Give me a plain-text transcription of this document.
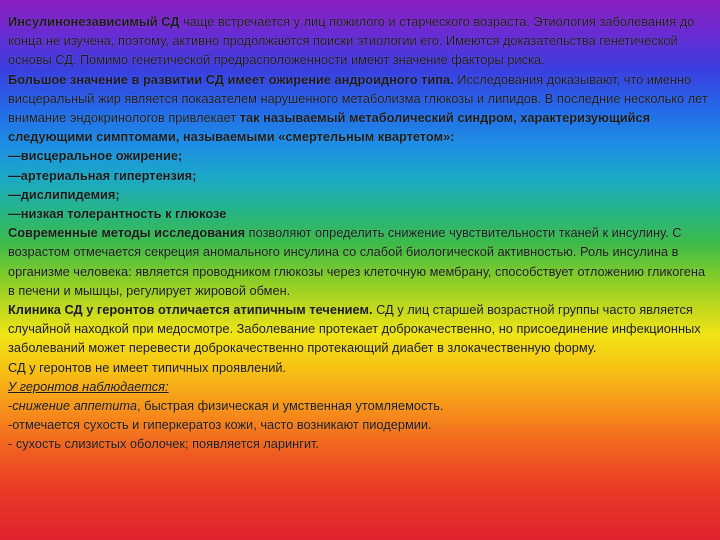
Инсулинонезависимый СД чаще встречается у лиц пожилого и старческого возраста. Этиология заболевания до конца не изучена, поэтому, активно продолжаются поиски этиологии его. Имеются доказательства генетической основы СД. Помимо генетической предрасположенности имеют значение факторы риска.

Большое значение в развитии СД имеет ожирение андроидного типа. Исследования доказывают, что именно висцеральный жир является показателем нарушенного метаболизма глюкозы и липидов. В последние несколько лет внимание эндокринологов привлекает так называемый метаболический синдром, характеризующийся следующими симптомами, называемыми «смертельным квартетом»:

—висцеральное ожирение;

—артериальная гипертензия;

—дислипидемия;

—низкая толерантность к глюкозе

Современные методы исследования позволяют определить снижение чувствительности тканей к инсулину. С возрастом отмечается секреция аномального инсулина со слабой биологической активностью. Роль инсулина в организме человека: является проводником глюкозы через клеточную мембрану, способствует отложению гликогена в печени и мышцы, регулирует жировой обмен.

Клиника СД у геронтов отличается атипичным течением. СД у лиц старшей возрастной группы часто является случайной находкой при медосмотре. Заболевание протекает доброкачественно, но присоединение инфекционных заболеваний может перевести доброкачественно протекающий диабет в злокачественную форму.

СД у геронтов не имеет типичных проявлений.

У геронтов наблюдается:

-снижение аппетита, быстрая физическая и умственная утомляемость.

-отмечается сухость и гиперкератоз кожи, часто возникают пиодермии.

- сухость слизистых оболочек; появляется ларингит.
